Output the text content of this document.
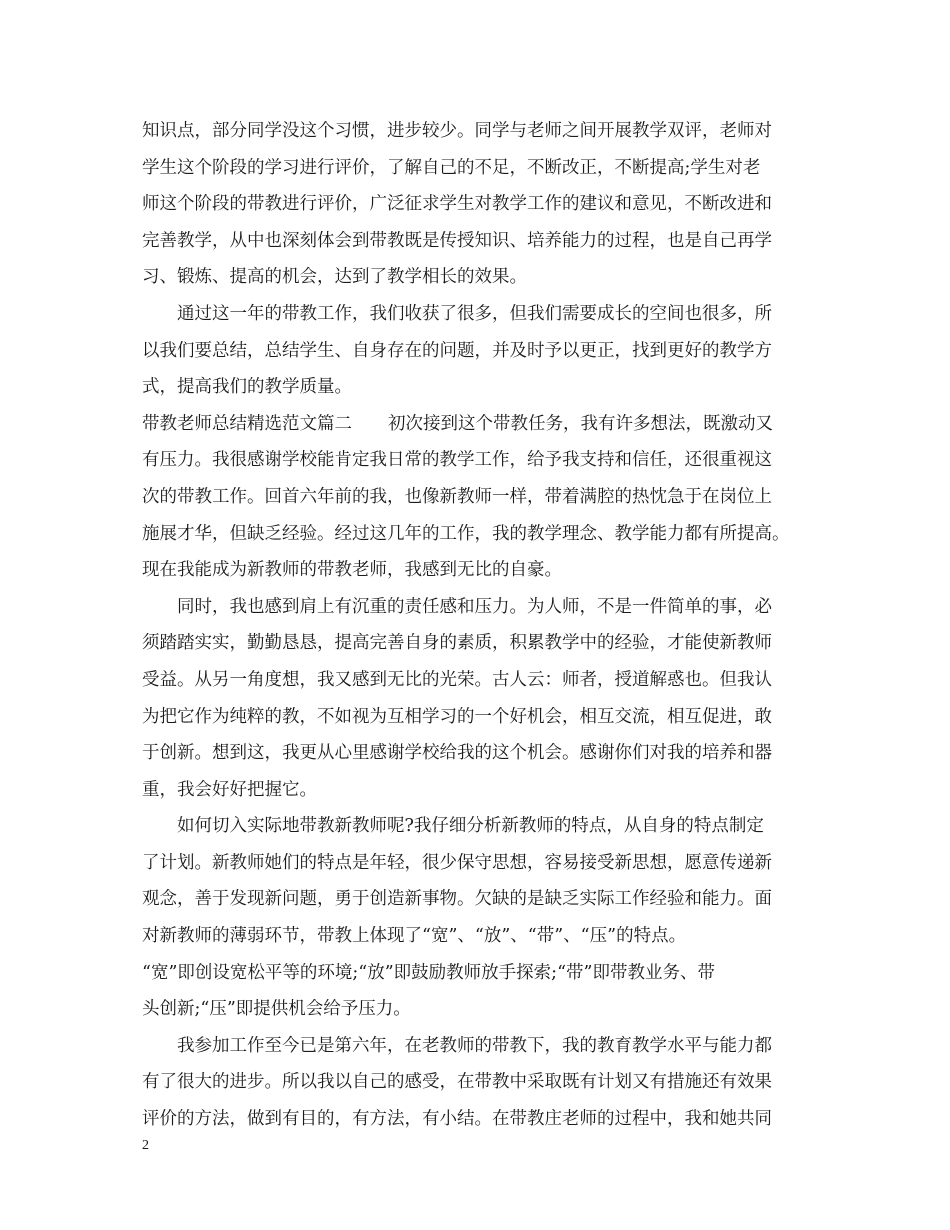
知识点，部分同学没这个习惯，进步较少。同学与老师之间开展教学双评，老师对
学生这个阶段的学习进行评价，了解自己的不足，不断改正，不断提高;学生对老
师这个阶段的带教进行评价，广泛征求学生对教学工作的建议和意见，不断改进和
完善教学，从中也深刻体会到带教既是传授知识、培养能力的过程，也是自己再学
习、锻炼、提高的机会，达到了教学相长的效果。
　　通过这一年的带教工作，我们收获了很多，但我们需要成长的空间也很多，所
以我们要总结，总结学生、自身存在的问题，并及时予以更正，找到更好的教学方
式，提高我们的教学质量。
带教老师总结精选范文篇二 初次接到这个带教任务，我有许多想法，既激动又
有压力。我很感谢学校能肯定我日常的教学工作，给予我支持和信任，还很重视这
次的带教工作。回首六年前的我，也像新教师一样，带着满腔的热忱急于在岗位上
施展才华，但缺乏经验。经过这几年的工作，我的教学理念、教学能力都有所提高。
现在我能成为新教师的带教老师，我感到无比的自豪。
　　同时，我也感到肩上有沉重的责任感和压力。为人师，不是一件简单的事，必
须踏踏实实，勤勤恳恳，提高完善自身的素质，积累教学中的经验，才能使新教师
受益。从另一角度想，我又感到无比的光荣。古人云：师者，授道解惑也。但我认
为把它作为纯粹的教，不如视为互相学习的一个好机会，相互交流，相互促进，敢
于创新。想到这，我更从心里感谢学校给我的这个机会。感谢你们对我的培养和器
重，我会好好把握它。
　　如何切入实际地带教新教师呢?我仔细分析新教师的特点，从自身的特点制定
了计划。新教师她们的特点是年轻，很少保守思想，容易接受新思想，愿意传递新
观念，善于发现新问题，勇于创造新事物。欠缺的是缺乏实际工作经验和能力。面
对新教师的薄弱环节，带教上体现了“宽”、“放”、“带”、“压”的特点。
“宽”即创设宽松平等的环境;“放”即鼓励教师放手探索;“带”即带教业务、带
头创新;“压”即提供机会给予压力。
　　我参加工作至今已是第六年，在老教师的带教下，我的教育教学水平与能力都
有了很大的进步。所以我以自己的感受，在带教中采取既有计划又有措施还有效果
评价的方法，做到有目的，有方法，有小结。在带教庄老师的过程中，我和她共同
2
